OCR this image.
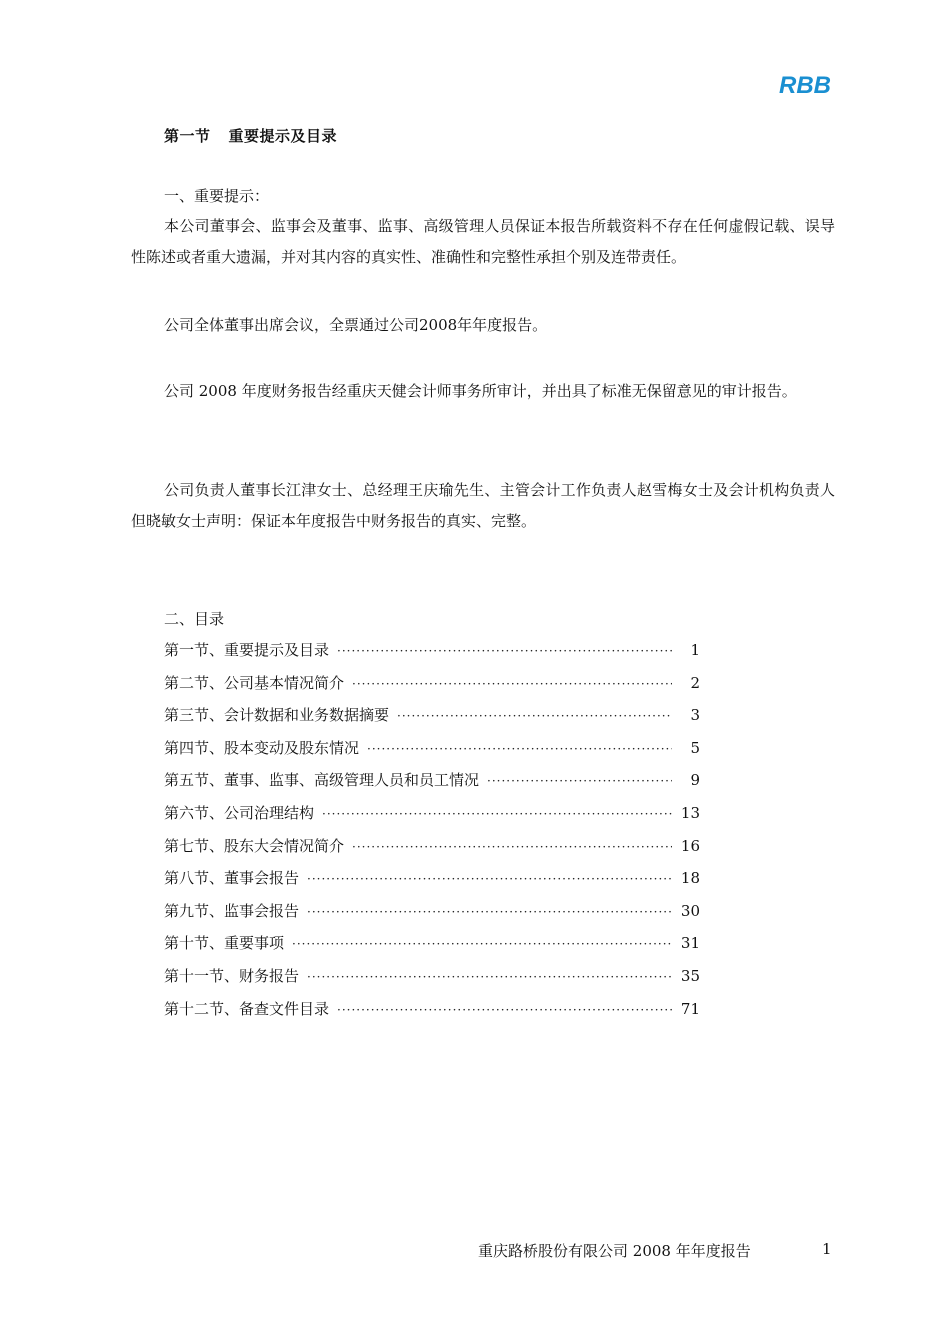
RBB
第一节 重要提示及目录
一、重要提示：

本公司董事会、监事会及董事、监事、高级管理人员保证本报告所载资料不存在任何虚假记载、误导性陈述或者重大遗漏，并对其内容的真实性、准确性和完整性承担个别及连带责任。

公司全体董事出席会议，全票通过公司2008年年度报告。

公司 2008 年度财务报告经重庆天健会计师事务所审计，并出具了标准无保留意见的审计报告。

公司负责人董事长江津女士、总经理王庆瑜先生、主管会计工作负责人赵雪梅女士及会计机构负责人但晓敏女士声明：保证本年度报告中财务报告的真实、完整。

二、目录
第一节、重要提示及目录 ·····	1
第二节、公司基本情况简介 ·····	2
第三节、会计数据和业务数据摘要 ·····	3
第四节、股本变动及股东情况 ·····	5
第五节、董事、监事、高级管理人员和员工情况 ·····	9
第六节、公司治理结构 ·····	13
第七节、股东大会情况简介 ·····	16
第八节、董事会报告 ·····	18
第九节、监事会报告 ·····	30
第十节、重要事项 ·····	31
第十一节、财务报告 ·····	35
第十二节、备查文件目录 ·····	71
重庆路桥股份有限公司 2008 年年度报告	1
